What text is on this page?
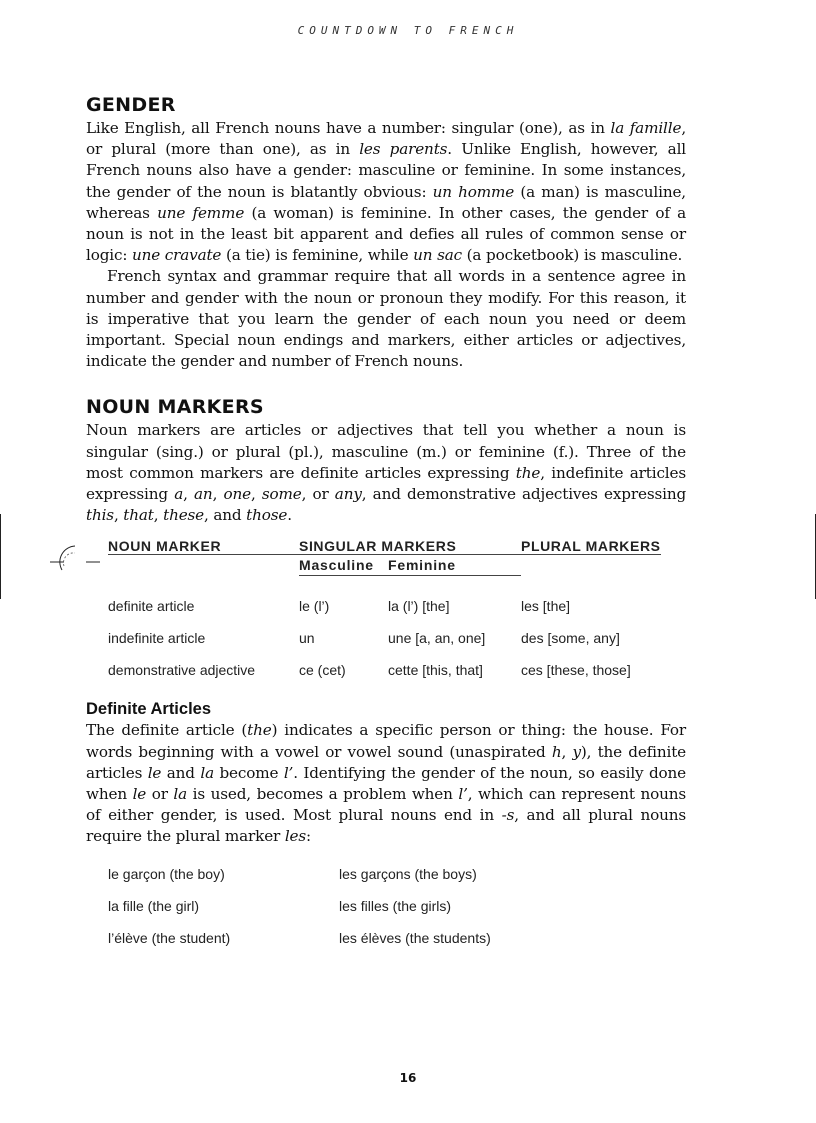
COUNTDOWN TO FRENCH
GENDER

Like English, all French nouns have a number: singular (one), as in la famille, or plural (more than one), as in les parents. Unlike English, however, all French nouns also have a gender: masculine or feminine. In some instances, the gender of the noun is blatantly obvious: un homme (a man) is masculine, whereas une femme (a woman) is feminine. In other cases, the gender of a noun is not in the least bit apparent and defies all rules of common sense or logic: une cravate (a tie) is feminine, while un sac (a pocketbook) is masculine.

French syntax and grammar require that all words in a sentence agree in number and gender with the noun or pronoun they modify. For this reason, it is imperative that you learn the gender of each noun you need or deem important. Special noun endings and markers, either articles or adjectives, indicate the gender and number of French nouns.

NOUN MARKERS

Noun markers are articles or adjectives that tell you whether a noun is singular (sing.) or plural (pl.), masculine (m.) or feminine (f.). Three of the most common markers are definite articles expressing the, indefinite articles expressing a, an, one, some, or any, and demonstrative adjectives expressing this, that, these, and those.

NOUN MARKER	SINGULAR MARKERS		PLURAL MARKERS
	Masculine	Feminine	
definite article	le (l’)	la (l’) [the]	les [the]
indefinite article	un	une [a, an, one]	des [some, any]
demonstrative adjective	ce (cet)	cette [this, that]	ces [these, those]
Definite Articles

The definite article (the) indicates a specific person or thing: the house. For words beginning with a vowel or vowel sound (unaspirated h, y), the definite articles le and la become l’. Identifying the gender of the noun, so easily done when le or la is used, becomes a problem when l’, which can represent nouns of either gender, is used. Most plural nouns end in -s, and all plural nouns require the plural marker les:

le garçon (the boy)	les garçons (the boys)
la fille (the girl)	les filles (the girls)
l’élève (the student)	les élèves (the students)
16
